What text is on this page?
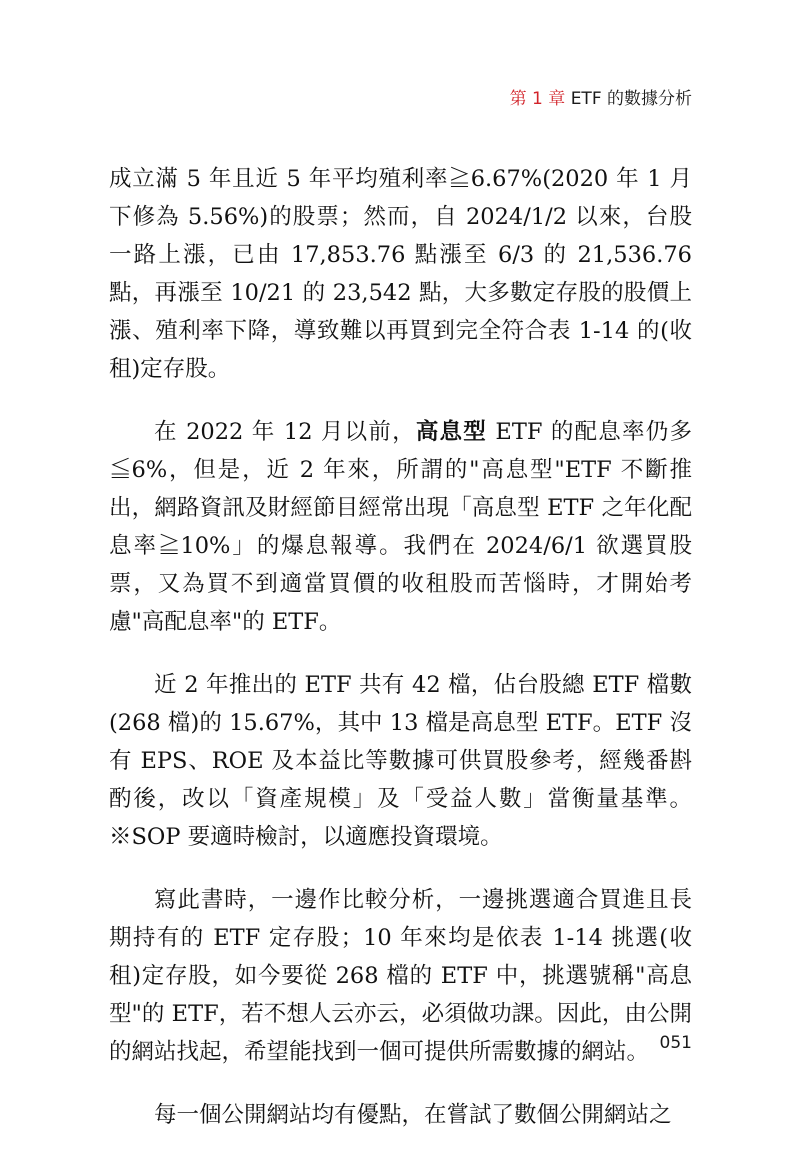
第 1 章 ETF 的數據分析

成立滿 5 年且近 5 年平均殖利率≧6.67%(2020 年 1 月下修為 5.56%)的股票；然而，自 2024/1/2 以來，台股一路上漲，已由 17,853.76 點漲至 6/3 的 21,536.76 點，再漲至 10/21 的 23,542 點，大多數定存股的股價上漲、殖利率下降，導致難以再買到完全符合表 1-14 的(收租)定存股。

在 2022 年 12 月以前，高息型 ETF 的配息率仍多≦6%，但是，近 2 年來，所謂的"高息型"ETF 不斷推出，網路資訊及財經節目經常出現「高息型 ETF 之年化配息率≧10%」的爆息報導。我們在 2024/6/1 欲選買股票，又為買不到適當買價的收租股而苦惱時，才開始考慮"高配息率"的 ETF。

近 2 年推出的 ETF 共有 42 檔，佔台股總 ETF 檔數(268 檔)的 15.67%，其中 13 檔是高息型 ETF。ETF 沒有 EPS、ROE 及本益比等數據可供買股參考，經幾番斟酌後，改以「資產規模」及「受益人數」當衡量基準。※SOP 要適時檢討，以適應投資環境。

寫此書時，一邊作比較分析，一邊挑選適合買進且長期持有的 ETF 定存股；10 年來均是依表 1-14 挑選(收租)定存股，如今要從 268 檔的 ETF 中，挑選號稱"高息型"的 ETF，若不想人云亦云，必須做功課。因此，由公開的網站找起，希望能找到一個可提供所需數據的網站。

每一個公開網站均有優點，在嘗試了數個公開網站之

051
